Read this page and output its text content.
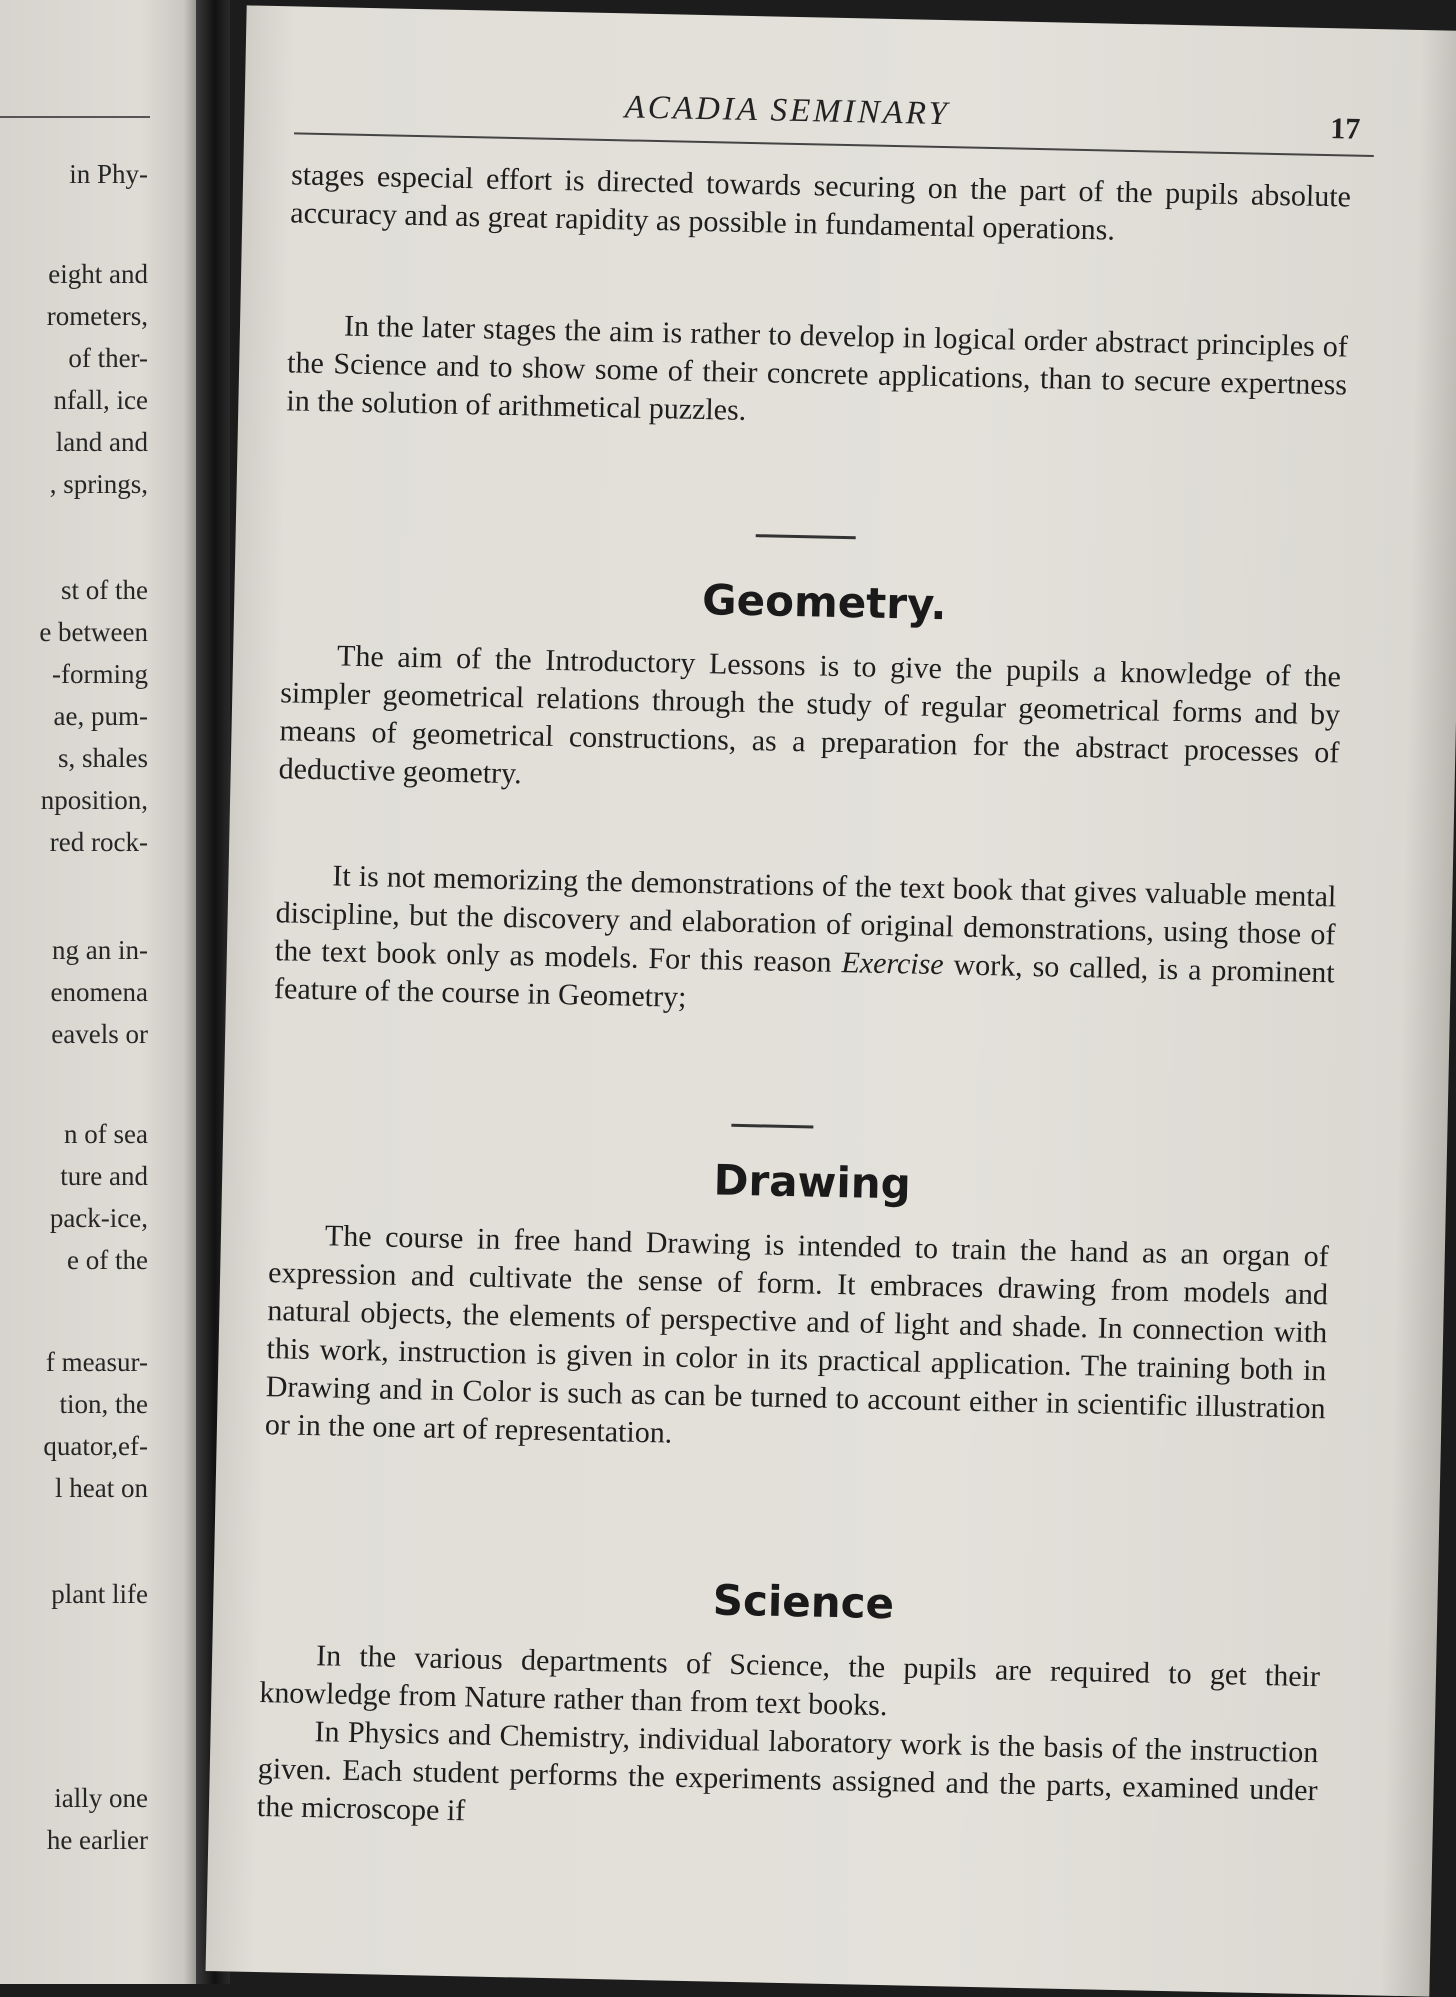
in Phy-
eight and
rometers,
of ther-
nfall, ice
land and
, springs,
st of the
e between
-forming
ae, pum-
s, shales
nposition,
red rock-
ng an in-
enomena
eavels or
n of sea
ture and
pack-ice,
e of the
f measur-
tion, the
quator,ef-
l heat on
plant life
ially one
he earlier
ACADIA SEMINARY	17

stages especial effort is directed towards securing on the part of the pupils absolute accuracy and as great rapidity as possible in fundamental operations.

In the later stages the aim is rather to develop in logical order abstract principles of the Science and to show some of their concrete applications, than to secure expertness in the solution of arithmetical puzzles.

Geometry.

The aim of the Introductory Lessons is to give the pupils a knowledge of the simpler geometrical relations through the study of regular geometrical forms and by means of geometrical constructions, as a preparation for the abstract processes of deductive geometry.

It is not memorizing the demonstrations of the text book that gives valuable mental discipline, but the discovery and elaboration of original demonstrations, using those of the text book only as models. For this reason Exercise work, so called, is a prominent feature of the course in Geometry;

Drawing

The course in free hand Drawing is intended to train the hand as an organ of expression and cultivate the sense of form. It embraces drawing from models and natural objects, the elements of perspective and of light and shade. In connection with this work, instruction is given in color in its practical application. The training both in Drawing and in Color is such as can be turned to account either in scientific illustration or in the one art of representation.

Science

In the various departments of Science, the pupils are required to get their knowledge from Nature rather than from text books.

In Physics and Chemistry, individual laboratory work is the basis of the instruction given. Each student performs the experiments assigned and the parts, examined under the microscope if
